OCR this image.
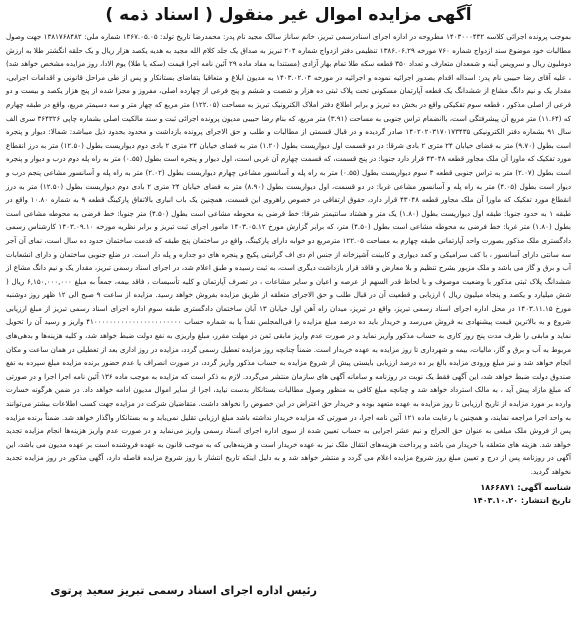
آگهی مزایده اموال غیر منقول ( اسناد ذمه )

بموجب پرونده اجرائی کلاسه ۱۴۰۳۰۰۰۴۳۲ مطروحه در اداره اجرای اسنادرسمی تبریز، خانم ساناز سالک مجید نام پدر: محمدرضا تاریخ تولد: ۱۳۶۷.۰۵.۰۵ شماره ملی: ۱۳۸۱۷۶۸۴۸۲ جهت وصول مطالبات خود موضوع سند ازدواج شماره ۷۶۰ مورخه ۱۳۸۶.۰۶.۲۹ تنظیمی دفتر ازدواج شماره ۲۰۴ تبریز به صداق یک جلد کلام الله مجید به هدیه یکصد هزار ریال و یک حلقه انگشتر طلا به ارزش دوملیون ریال و سرویس آینه و شمعدان متعارف و تعداد ۳۵۰ قطعه سکه طلا تمام بهار آزادی (مستندا به مفاد ماده ۲۹ آئین نامه اجرا قیمت (سکه یا طلا) یوم الادا، روز مزایده مشخص خواهد شد) ، علیه آقای رضا حبیبی نام پدر: اسداله اقدام بصدور اجرائیه نموده و اجرائیه در مورخه ۱۴۰۳.۰۲.۰۴ به مدیون ابلاغ و متعاقبا بتقاضای بستانکار و پس از طی مراحل قانونی و اقدامات اجرایی، مقدار یک و نیم دانگ مشاع از ششدانگ یک قطعه آپارتمان مسکونی تحت پلاک ثبتی ده هزار و شصت و ششم و پنج فرعی از چهارده اصلی، مفروز و مجزا شده از پنج هزار یکصد و بیست و دو فرعی از اصلی مذکور ، قطعه سوم تفکیکی واقع در بخش ده تبریز و برابر اطلاع دفتر املاک الکترونیک تبریز به مساحت (۱۲۲.۰۵) متر مربع که چهار متر و سه دسیمتر مربع، واقع در طبقه چهارم که (۱۱.۶۴) متر مربع آن پیشرفتگی است، باانضمام تراس جنوبی به مساحت (۳.۹۱) متر مربع، که بنام رضا حبیبی مدیون پرونده اجرائی ثبت و سند مالکیت اصلی بشماره چاپی ۳۶۴۳۲۶ سری الف سال ۹۱ بشماره دفتر الکترونیکی ۱۴۰۲۰۲۰۳۱۷۰۱۷۳۴۳۵ صادر گردیده و در قبال قسمتی از مطالبات و طلب و حق الاجرای پرونده بازداشت و محدود بحدود ذیل میباشد: شمالا: دیوار و پنجره است بطول (۹.۷۰) متر به فضای خیابان ۲۴ متری ۲ بادی شرقا: در دو قسمت اول دیواریست بطول (۱.۲۰) متر به فضای خیابان ۲۴ متری ۲ بادی دوم دیواریست بطول (۱۲.۵۰) متر به درز انقطاع مورد تفکیک که ماورا آن ملک مجاور قطعه ۴۳۰۴۸ قرار دارد جنوبا: در پنج قسمت، که قسمت چهارم آن غربی است، اول دیوار و پنجره است بطول (۰.۵۵) متر به راه پله دوم درب و دیوار و پنجره است بطول (۲.۰۷) متر به تراس جنوبی قطعه ۳ سوم دیواریست بطول (۰.۵۵) متر به راه پله و آسانسور مشاعی چهارم دیواریست بطول (۲.۰۲) متر به راه پله و آسانسور مشاعی پنجم درب و دیوار است بطول (۴.۰۵) متر به راه پله و آسانسور مشاعی غربا: در دو قسمت، اول دیواریست بطول (۸.۹۰) متر به فضای خیابان ۲۴ متری ۲ بادی دوم دیواریست بطول (۱۲.۵۰) متر به درز انقطاع مورد تفکیک که ماورا آن ملک مجاور قطعه ۴۳۰۴۸ قرار دارد، حقوق ارتفاقی در خصوص راهروی این قسمت، همچنین یک باب انباری بالاتفاق پارکینگ قطعه ۹ به شماره ۱۰.۸۰ واقع در طبقه ۱ به حدود جنوبا: طبقه اول دیواریست بطول (۱.۸۰) یک متر و هشتاد سانتیمتر شرقا: خط فرضی به محوطه مشاعی است بطول (۴.۵۰) متر جنوبا: خط فرضی به محوطه مشاعی است بطول (۱.۸۰) متر غربا: خط فرضی به محوطه مشاعی است بطول (۴.۵۰) متر، که برابر گزارش مورخ ۱۴۰۳.۰۵.۱۲ مامور اجرای ثبت تبریز و برابر نظریه مورخه ۱۴۰۳.۰۹.۱۰ کارشناس رسمی دادگستری ملک مذکور بصورت واحد آپارتمانی طبقه چهارم به مساحت ۱۲۲.۰۵ مترمربع دو خوابه دارای پارکینگ، واقع در ساختمان پنج طبقه که قدمت ساختمان حدود ده سال است، نمای آن آجر سه سانتی دارای آسانسور ، با کف سرامیکی و کمد دیواری و کابینت آشپزخانه از جنس ام دی اف گرانیتی پکیج و پنجره های دو جداره و پله دار است. در ضلع جنوبی ساختمان و دارای انشعابات آب و برق و گاز می باشد و ملک مزبور بشرح تنظیم و بلا معارض و فاقد قرار بازداشت دیگری است، به ثبت رسیده و طبق اعلام شد، در اجرای اسناد رسمی تبریز، مقدار یک و نیم دانگ مشاع از ششدانگ پلاک ثبتی مذکور با وضعیت موصوف و با لحاظ قدر السهم از عرصه و اعیان و سایر مشاعات ، در تصرف آپارتمان و کلیه تأسیسات ، فاقد بیمه، جمعاً به مبلغ ۶,۱۵۰,۰۰۰,۰۰۰ ریال ( شش میلیارد و یکصد و پنجاه میلیون ریال ) ارزیابی و قطعیت آن در قبال طلب و حق الاجرای متعلقه از طریق مزایده بفروش خواهد رسید. مزایده از ساعت ۹ صبح الی ۱۲ ظهر روز دوشنبه مورخ ۱۴۰۳.۱۱.۱۵ در محل اداره اجرای اسناد رسمی تبریز، واقع در تبریز، میدان راه آهن اول خیابان ۱۳ آبان ساختمان دادگستری طبقه سوم اداره اجرای اسناد رسمی تبریز از مبلغ ارزیابی شروع و به بالاترین قیمت پیشنهادی به فروش می‌رسد و خریدار باید ده درصد مبلغ مزایده را فی‌المجلس نقداً یا به شماره حساب ۴۱۰۰۰۰۰۰۰۰۰۰۰۰۰۰۰۰۰۰۰۰۰۰۰ واریز و رسید آن را تحویل نماید و مابقی را ظرف مدت پنج روز کاری به حساب مذکور واریز نماید و در صورت عدم واریز مابقی ثمن در مهلت مقرر، مبلغ واریزی به نفع دولت ضبط خواهد شد، و کلیه هزینه‌ها و بدهی‌های مربوط به آب و برق و گاز، مالیات، بیمه و شهرداری تا روز مزایده به عهده خریدار است. ضمناً چنانچه روز مزایده تعطیل رسمی گردد، مزایده در روز اداری بعد از تعطیلی در همان ساعت و مکان انجام خواهد شد و نیز مبلغ ورودی مزایده بالغ بر ده درصد ارزیابی بایستی پیش از شروع مزایده به حساب مذکور واریز گردد، در صورت انصراف یا عدم حضور برنده مزایده مبلغ سپرده به نفع صندوق دولت ضبط خواهد شد، این آگهی فقط یک نوبت در روزنامه و سامانه آگهی های سازمان منتشر می‌گردد. لازم به ذکر است که مزایده به موجب ماده ۱۳۶ آئین نامه اجرا اجرا و در صورتی که مبلغ مازاد پیش آید ، به مالک استرداد خواهد شد و چنانچه مبلغ کافی به منظور وصول مطالبات بستانکار بدست نیاید، اجرا از سایر اموال مدیون ادامه خواهد داد. در ضمن هرگونه خسارت وارده بر مورد مزایده از تاریخ ارزیابی تا روز مزایده به عهده متعهد بوده و خریدار حق اعتراض در این خصوص را نخواهد داشت. متقاضیان شرکت در مزایده جهت کسب اطلاعات بیشتر می‌توانند به واحد اجرا مراجعه نمایند، و همچنین با رعایت ماده ۱۲۱ آئین نامه اجرا، در صورتی که مزایده خریدار نداشته باشد مبلغ ارزیابی تقلیل نمی‌یابد و به بستانکار واگذار خواهد شد. ضمناً برنده مزایده پس از فروش ملک مبلغی به عنوان حق الحراج و نیم عشر اجرایی به حساب تعیین شده از سوی اداره اجرای اسناد رسمی واریز می‌نماید و در صورت عدم واریز هزینه‌ها انجام مزایده تجدید خواهد شد. هزینه های متعلقه با خریدار می باشد و پرداخت هزینه‌های انتقال ملک نیز به عهده خریدار است و هزینه‌هایی که به موجب قانون به عهده فروشنده است بر عهده مدیون می باشد، این آگهی در روزنامه پس از درج و تعیین مبلغ روز شروع مزایده اعلام می گردد و منتشر خواهد شد و به دلیل اینکه تاریخ انتشار با روز شروع مزایده فاصله دارد، آگهی مذکور در روز مزایده تجدید نخواهد گردید.

شناسه آگهی: ۱۸۶۶۸۷۱
تاریخ انتشار: ۱۴۰۳.۱۰.۲۰
رئیس اداره اجرای اسناد رسمی تبریز سعید پرتوی
